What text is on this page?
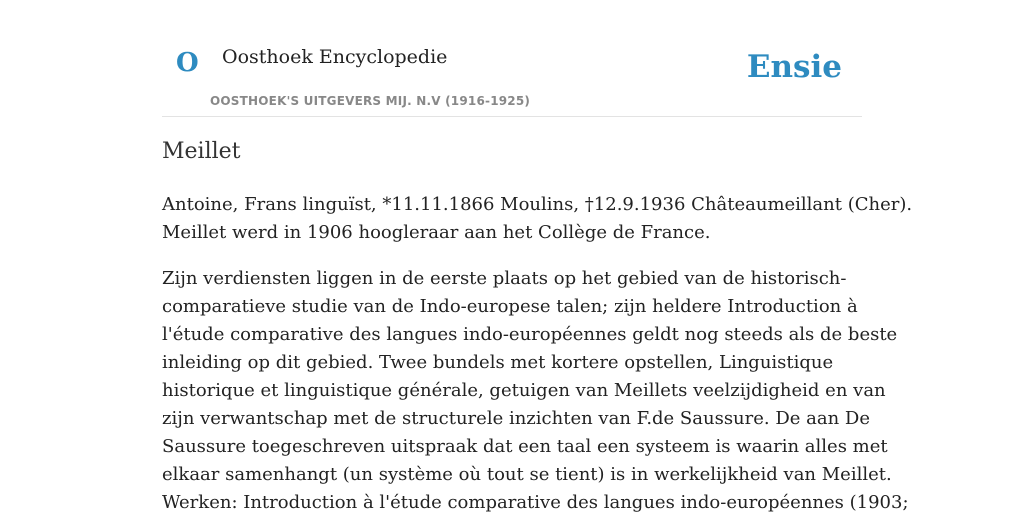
O Oosthoek Encyclopedie
OOSTHOEK'S UITGEVERS MIJ. N.V (1916-1925)
Ensie
Meillet

Antoine, Frans linguïst, *11.11.1866 Moulins, †12.9.1936 Châteaumeillant (Cher).
Meillet werd in 1906 hoogleraar aan het Collège de France.

Zijn verdiensten liggen in de eerste plaats op het gebied van de historisch-
comparatieve studie van de Indo-europese talen; zijn heldere Introduction à
l'étude comparative des langues indo-européennes geldt nog steeds als de beste
inleiding op dit gebied. Twee bundels met kortere opstellen, Linguistique
historique et linguistique générale, getuigen van Meillets veelzijdigheid en van
zijn verwantschap met de structurele inzichten van F.de Saussure. De aan De
Saussure toegeschreven uitspraak dat een taal een systeem is waarin alles met
elkaar samenhangt (un système où tout se tient) is in werkelijkheid van Meillet.
Werken: Introduction à l'étude comparative des langues indo-européennes (1903;
